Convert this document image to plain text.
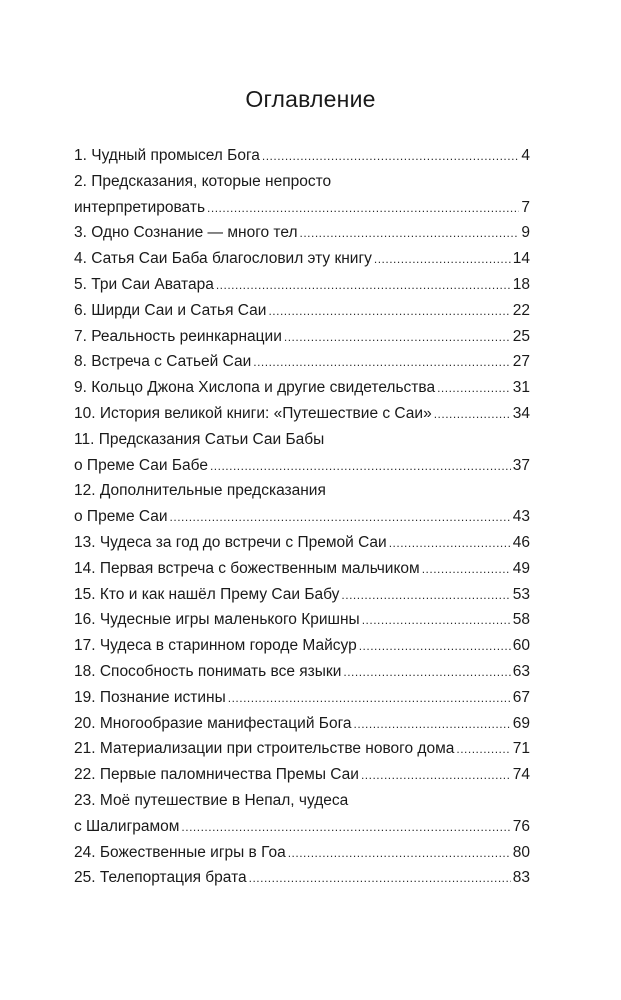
Оглавление
1. Чудный промысел Бога .....	4
2. Предсказания, которые непросто
интерпретировать .....	7
3. Одно Сознание — много тел .....	9
4. Сатья Саи Баба благословил эту книгу .....	14
5. Три Саи Аватара .....	18
6. Ширди Саи и Сатья Саи .....	22
7. Реальность реинкарнации .....	25
8. Встреча с Сатьей Саи .....	27
9. Кольцо Джона Хислопа и другие свидетельства .....	31
10. История великой книги: «Путешествие с Саи» .....	34
11. Предсказания Сатьи Саи Бабы
о Преме Саи Бабе .....	37
12. Дополнительные предсказания
о Преме Саи .....	43
13. Чудеса за год до встречи с Премой Саи .....	46
14. Первая встреча с божественным мальчиком .....	49
15. Кто и как нашёл Прему Саи Бабу .....	53
16. Чудесные игры маленького Кришны .....	58
17. Чудеса в старинном городе Майсур .....	60
18. Способность понимать все языки .....	63
19. Познание истины .....	67
20. Многообразие манифестаций Бога .....	69
21. Материализации при строительстве нового дома .....	71
22. Первые паломничества Премы Саи .....	74
23. Моё путешествие в Непал, чудеса
с Шалиграмом .....	76
24. Божественные игры в Гоа .....	80
25. Телепортация брата .....	83
